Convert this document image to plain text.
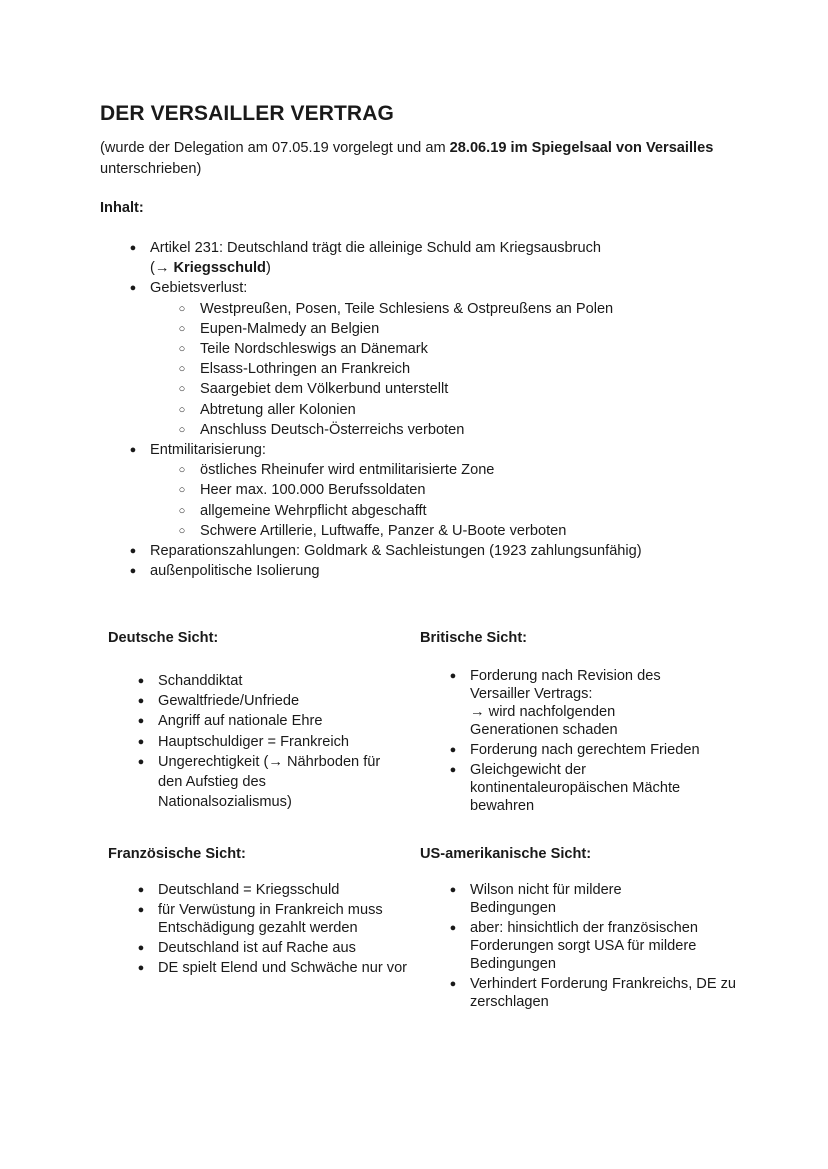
DER VERSAILLER VERTRAG

(wurde der Delegation am 07.05.19 vorgelegt und am 28.06.19 im Spiegelsaal von Versailles unterschrieben)

Inhalt:

● Artikel 231: Deutschland trägt die alleinige Schuld am Kriegsausbruch
(→ Kriegsschuld)
● Gebietsverlust:
○ Westpreußen, Posen, Teile Schlesiens & Ostpreußens an Polen
○ Eupen-Malmedy an Belgien
○ Teile Nordschleswigs an Dänemark
○ Elsass-Lothringen an Frankreich
○ Saargebiet dem Völkerbund unterstellt
○ Abtretung aller Kolonien
○ Anschluss Deutsch-Österreichs verboten
● Entmilitarisierung:
○ östliches Rheinufer wird entmilitarisierte Zone
○ Heer max. 100.000 Berufssoldaten
○ allgemeine Wehrpflicht abgeschafft
○ Schwere Artillerie, Luftwaffe, Panzer & U-Boote verboten
● Reparationszahlungen: Goldmark & Sachleistungen (1923 zahlungsunfähig)
● außenpolitische Isolierung

Deutsche Sicht:

● Schanddiktat
● Gewaltfriede/Unfriede
● Angriff auf nationale Ehre
● Hauptschuldiger = Frankreich
● Ungerechtigkeit (→ Nährboden für den Aufstieg des Nationalsozialismus)

Britische Sicht:

● Forderung nach Revision des Versailler Vertrags:
→ wird nachfolgenden Generationen schaden
● Forderung nach gerechtem Frieden
● Gleichgewicht der kontinentaleuropäischen Mächte bewahren

Französische Sicht:

● Deutschland = Kriegsschuld
● für Verwüstung in Frankreich muss Entschädigung gezahlt werden
● Deutschland ist auf Rache aus
● DE spielt Elend und Schwäche nur vor

US-amerikanische Sicht:

● Wilson nicht für mildere Bedingungen
● aber: hinsichtlich der französischen Forderungen sorgt USA für mildere Bedingungen
● Verhindert Forderung Frankreichs, DE zu zerschlagen
